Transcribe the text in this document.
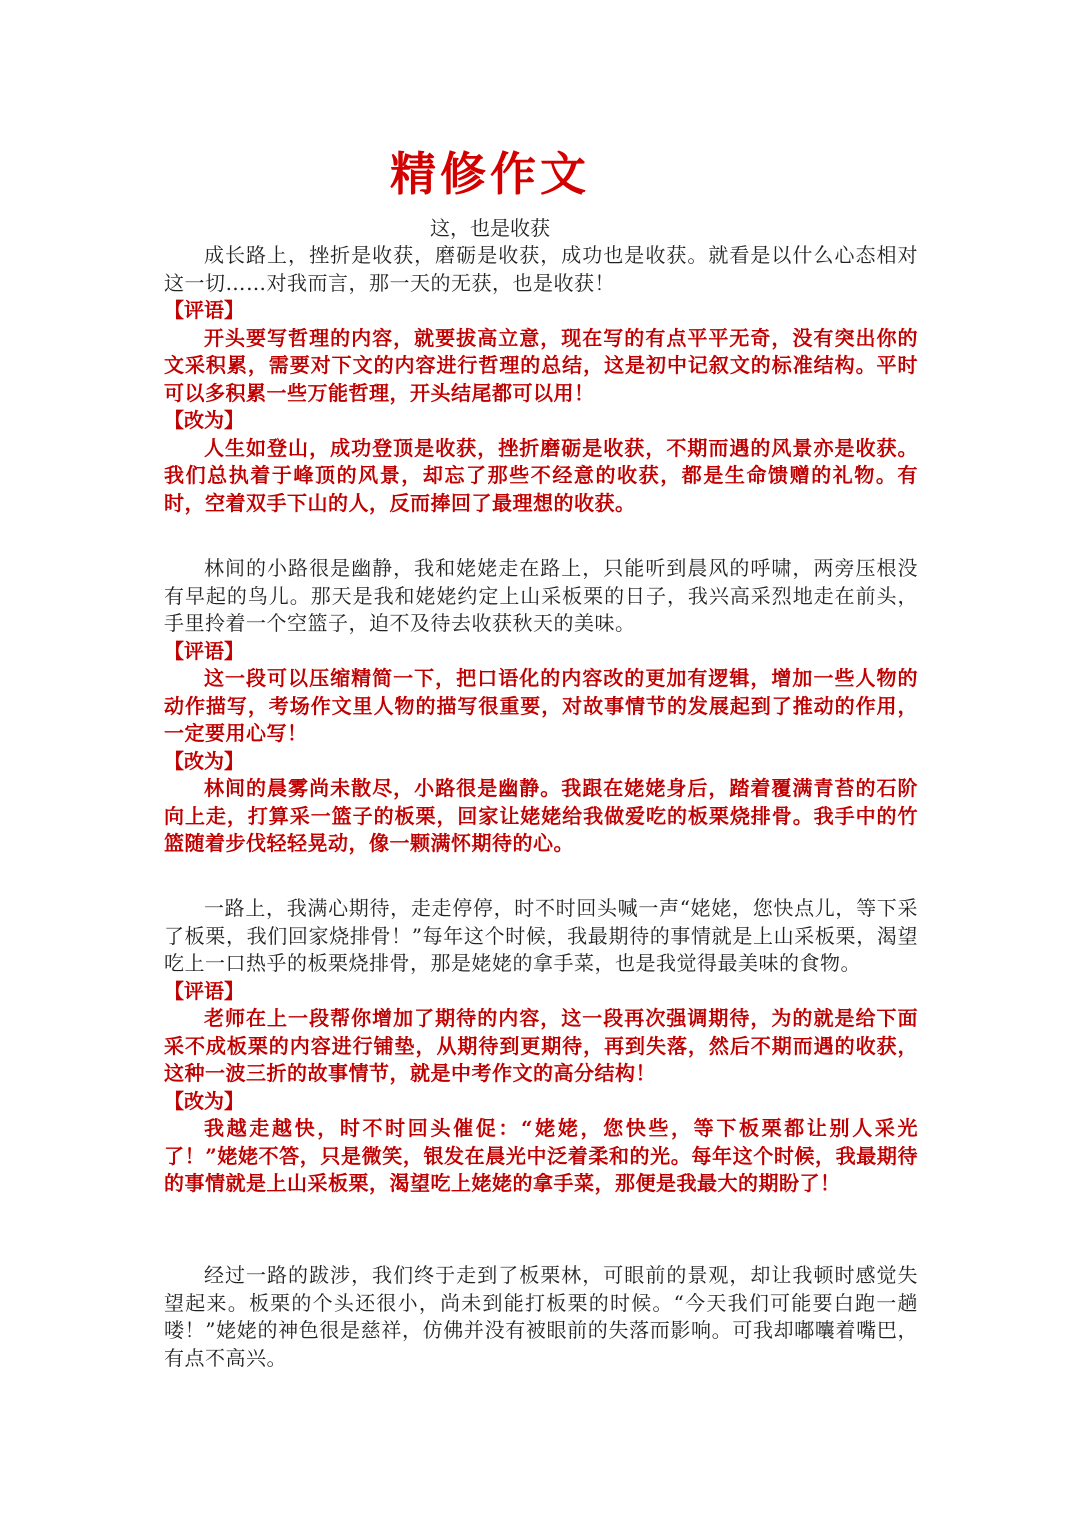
精修作文
这，也是收获

成长路上，挫折是收获，磨砺是收获，成功也是收获。就看是以什么心态相对这一切……对我而言，那一天的无获，也是收获！

【评语】

开头要写哲理的内容，就要拔高立意，现在写的有点平平无奇，没有突出你的文采积累，需要对下文的内容进行哲理的总结，这是初中记叙文的标准结构。平时可以多积累一些万能哲理，开头结尾都可以用！

【改为】

人生如登山，成功登顶是收获，挫折磨砺是收获，不期而遇的风景亦是收获。我们总执着于峰顶的风景，却忘了那些不经意的收获，都是生命馈赠的礼物。有时，空着双手下山的人，反而捧回了最理想的收获。

林间的小路很是幽静，我和姥姥走在路上，只能听到晨风的呼啸，两旁压根没有早起的鸟儿。那天是我和姥姥约定上山采板栗的日子，我兴高采烈地走在前头，手里拎着一个空篮子，迫不及待去收获秋天的美味。

【评语】

这一段可以压缩精简一下，把口语化的内容改的更加有逻辑，增加一些人物的动作描写，考场作文里人物的描写很重要，对故事情节的发展起到了推动的作用，一定要用心写！

【改为】

林间的晨雾尚未散尽，小路很是幽静。我跟在姥姥身后，踏着覆满青苔的石阶向上走，打算采一篮子的板栗，回家让姥姥给我做爱吃的板栗烧排骨。我手中的竹篮随着步伐轻轻晃动，像一颗满怀期待的心。

一路上，我满心期待，走走停停，时不时回头喊一声“姥姥，您快点儿，等下采了板栗，我们回家烧排骨！”每年这个时候，我最期待的事情就是上山采板栗，渴望吃上一口热乎的板栗烧排骨，那是姥姥的拿手菜，也是我觉得最美味的食物。

【评语】

老师在上一段帮你增加了期待的内容，这一段再次强调期待，为的就是给下面采不成板栗的内容进行铺垫，从期待到更期待，再到失落，然后不期而遇的收获，这种一波三折的故事情节，就是中考作文的高分结构！

【改为】

我越走越快，时不时回头催促：“姥姥，您快些，等下板栗都让别人采光了！”姥姥不答，只是微笑，银发在晨光中泛着柔和的光。每年这个时候，我最期待的事情就是上山采板栗，渴望吃上姥姥的拿手菜，那便是我最大的期盼了！

经过一路的跋涉，我们终于走到了板栗林，可眼前的景观，却让我顿时感觉失望起来。板栗的个头还很小，尚未到能打板栗的时候。“今天我们可能要白跑一趟喽！”姥姥的神色很是慈祥，仿佛并没有被眼前的失落而影响。可我却嘟囔着嘴巴，有点不高兴。
